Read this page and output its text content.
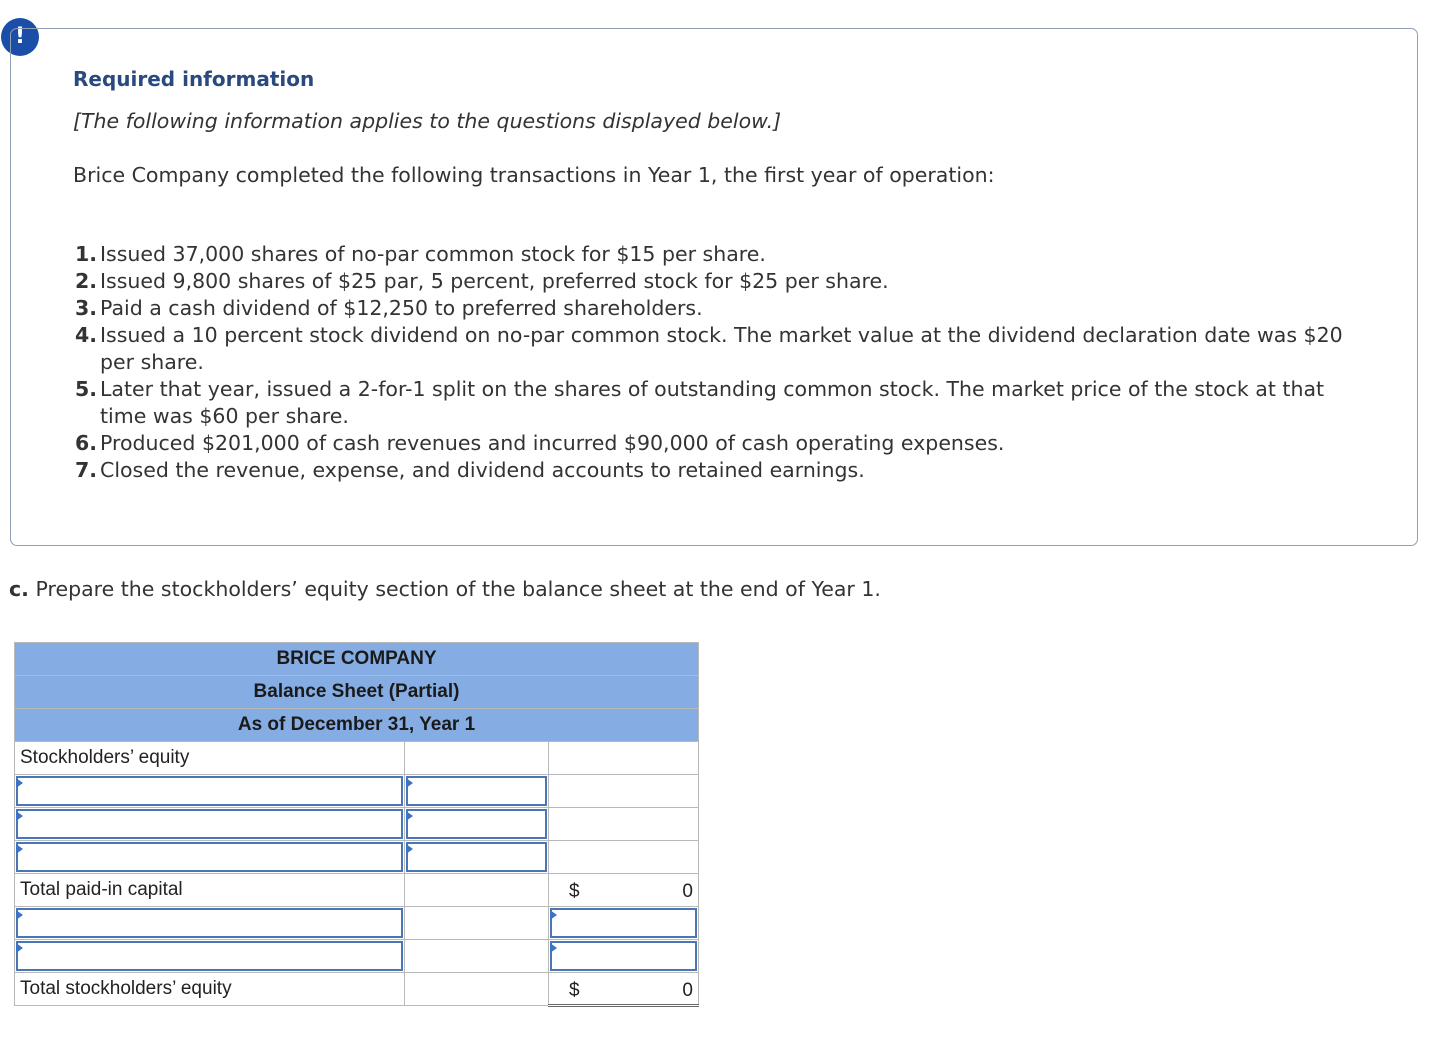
!
Required information
[The following information applies to the questions displayed below.]
Brice Company completed the following transactions in Year 1, the first year of operation:
1. Issued 37,000 shares of no-par common stock for $15 per share.
2. Issued 9,800 shares of $25 par, 5 percent, preferred stock for $25 per share.
3. Paid a cash dividend of $12,250 to preferred shareholders.
4. Issued a 10 percent stock dividend on no-par common stock. The market value at the dividend declaration date was $20 per share.
5. Later that year, issued a 2-for-1 split on the shares of outstanding common stock. The market price of the stock at that time was $60 per share.
6. Produced $201,000 of cash revenues and incurred $90,000 of cash operating expenses.
7. Closed the revenue, expense, and dividend accounts to retained earnings.
c. Prepare the stockholders’ equity section of the balance sheet at the end of Year 1.
BRICE COMPANY		
Balance Sheet (Partial)		
As of December 31, Year 1		
Stockholders’ equity		

Total paid-in capital		$ 0

Total stockholders’ equity		$ 0
